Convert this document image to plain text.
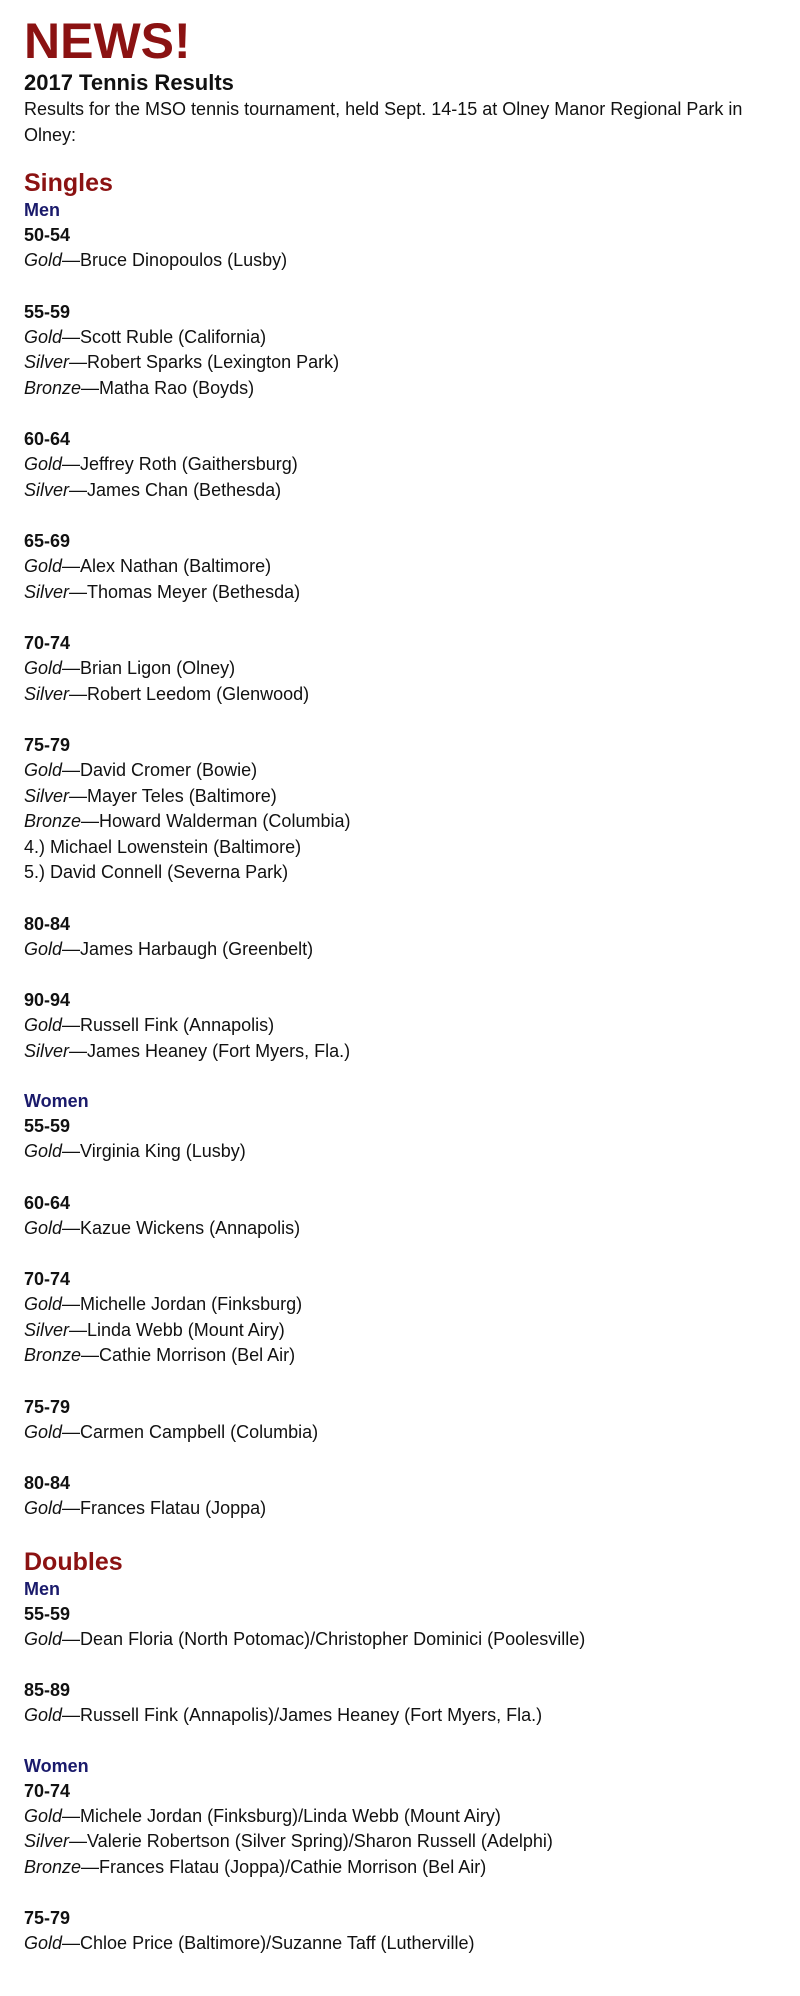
NEWS!
2017 Tennis Results
Results for the MSO tennis tournament, held Sept. 14-15 at Olney Manor Regional Park in Olney:
Singles
Men
50-54
Gold—Bruce Dinopoulos (Lusby)
55-59
Gold—Scott Ruble (California)
Silver—Robert Sparks (Lexington Park)
Bronze—Matha Rao (Boyds)
60-64
Gold—Jeffrey Roth (Gaithersburg)
Silver—James Chan (Bethesda)
65-69
Gold—Alex Nathan (Baltimore)
Silver—Thomas Meyer (Bethesda)
70-74
Gold—Brian Ligon (Olney)
Silver—Robert Leedom (Glenwood)
75-79
Gold—David Cromer (Bowie)
Silver—Mayer Teles (Baltimore)
Bronze—Howard Walderman (Columbia)
4.) Michael Lowenstein (Baltimore)
5.) David Connell (Severna Park)
80-84
Gold—James Harbaugh (Greenbelt)
90-94
Gold—Russell Fink (Annapolis)
Silver—James Heaney (Fort Myers, Fla.)
Women
55-59
Gold—Virginia King (Lusby)
60-64
Gold—Kazue Wickens (Annapolis)
70-74
Gold—Michelle Jordan (Finksburg)
Silver—Linda Webb (Mount Airy)
Bronze—Cathie Morrison (Bel Air)
75-79
Gold—Carmen Campbell (Columbia)
80-84
Gold—Frances Flatau (Joppa)
Doubles
Men
55-59
Gold—Dean Floria (North Potomac)/Christopher Dominici (Poolesville)
85-89
Gold—Russell Fink (Annapolis)/James Heaney (Fort Myers, Fla.)
Women
70-74
Gold—Michele Jordan (Finksburg)/Linda Webb (Mount Airy)
Silver—Valerie Robertson (Silver Spring)/Sharon Russell (Adelphi)
Bronze—Frances Flatau (Joppa)/Cathie Morrison (Bel Air)
75-79
Gold—Chloe Price (Baltimore)/Suzanne Taff (Lutherville)
